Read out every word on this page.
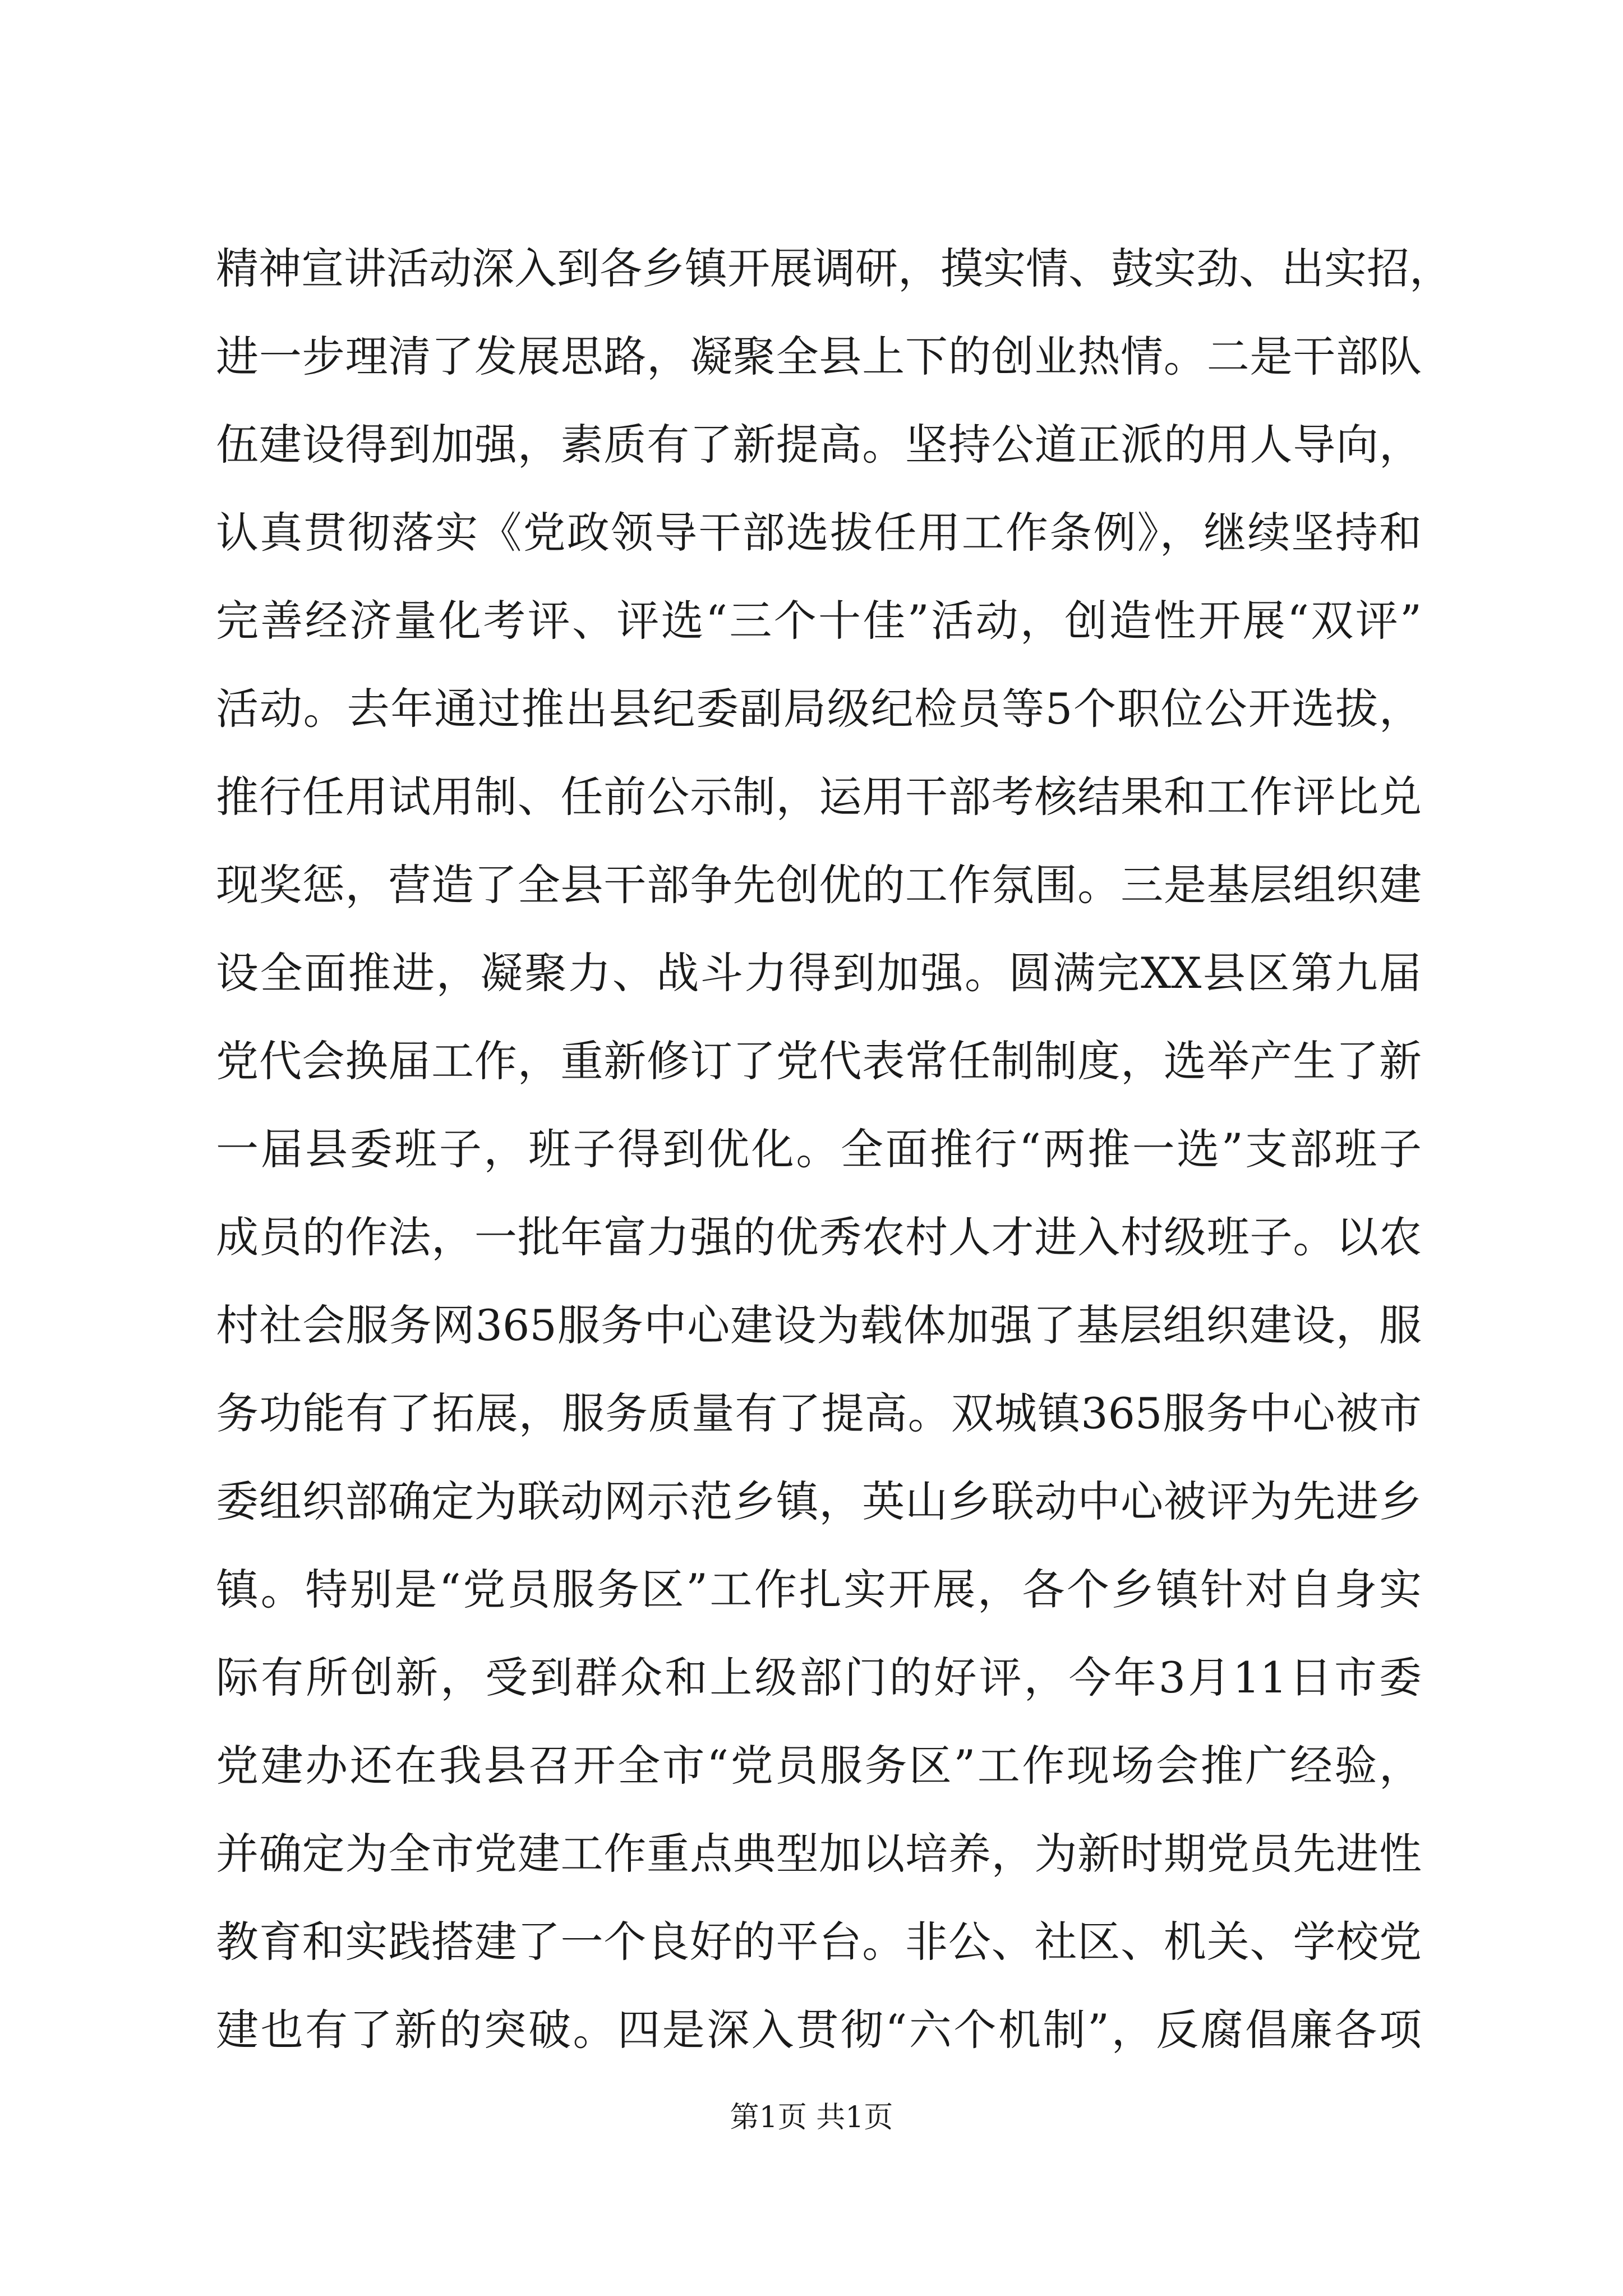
精神宣讲活动深入到各乡镇开展调研，摸实情、鼓实劲、出实招，
进一步理清了发展思路，凝聚全县上下的创业热情。二是干部队
伍建设得到加强，素质有了新提高。坚持公道正派的用人导向，
认真贯彻落实《党政领导干部选拔任用工作条例》，继续坚持和
完善经济量化考评、评选“三个十佳”活动，创造性开展“双评”
活动。去年通过推出县纪委副局级纪检员等5个职位公开选拔，
推行任用试用制、任前公示制，运用干部考核结果和工作评比兑
现奖惩，营造了全县干部争先创优的工作氛围。三是基层组织建
设全面推进，凝聚力、战斗力得到加强。圆满完XX县区第九届
党代会换届工作，重新修订了党代表常任制制度，选举产生了新
一届县委班子，班子得到优化。全面推行“两推一选”支部班子
成员的作法，一批年富力强的优秀农村人才进入村级班子。以农
村社会服务网365服务中心建设为载体加强了基层组织建设，服
务功能有了拓展，服务质量有了提高。双城镇365服务中心被市
委组织部确定为联动网示范乡镇，英山乡联动中心被评为先进乡
镇。特别是“党员服务区”工作扎实开展，各个乡镇针对自身实
际有所创新，受到群众和上级部门的好评，今年3月11日市委
党建办还在我县召开全市“党员服务区”工作现场会推广经验，
并确定为全市党建工作重点典型加以培养，为新时期党员先进性
教育和实践搭建了一个良好的平台。非公、社区、机关、学校党
建也有了新的突破。四是深入贯彻“六个机制”，反腐倡廉各项
第1页 共1页
